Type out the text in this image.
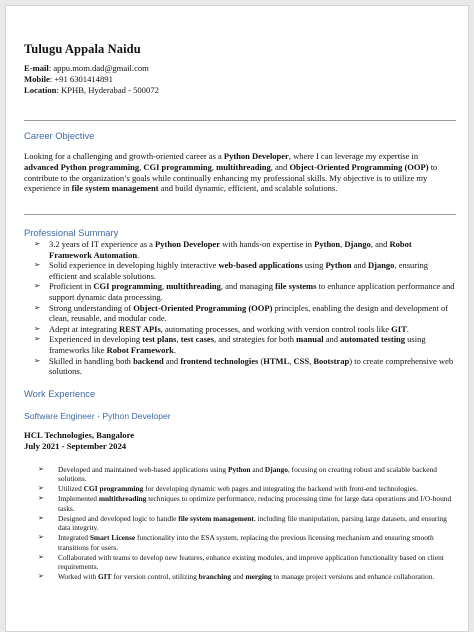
Tulugu Appala Naidu
E-mail: appu.mom.dad@gmail.com
Mobile: +91 6301414891
Location: KPHB, Hyderabad - 500072
Career Objective
Looking for a challenging and growth-oriented career as a Python Developer, where I can leverage my expertise in advanced Python programming, CGI programming, multithreading, and Object-Oriented Programming (OOP) to contribute to the organization’s goals while continually enhancing my professional skills. My objective is to utilize my experience in file system management and build dynamic, efficient, and scalable solutions.
Professional Summary
➢ 3.2 years of IT experience as a Python Developer with hands-on expertise in Python, Django, and Robot Framework Automation.
➢ Solid experience in developing highly interactive web-based applications using Python and Django, ensuring efficient and scalable solutions.
➢ Proficient in CGI programming, multithreading, and managing file systems to enhance application performance and support dynamic data processing.
➢ Strong understanding of Object-Oriented Programming (OOP) principles, enabling the design and development of clean, reusable, and modular code.
➢ Adept at integrating REST APIs, automating processes, and working with version control tools like GIT.
➢ Experienced in developing test plans, test cases, and strategies for both manual and automated testing using frameworks like Robot Framework.
➢ Skilled in handling both backend and frontend technologies (HTML, CSS, Bootstrap) to create comprehensive web solutions.
Work Experience
Software Engineer - Python Developer
HCL Technologies, Bangalore
July 2021 - September 2024
➢ Developed and maintained web-based applications using Python and Django, focusing on creating robust and scalable backend solutions.
➢ Utilized CGI programming for developing dynamic web pages and integrating the backend with front-end technologies.
➢ Implemented multithreading techniques to optimize performance, reducing processing time for large data operations and I/O-bound tasks.
➢ Designed and developed logic to handle file system management, including file manipulation, parsing large datasets, and ensuring data integrity.
➢ Integrated Smart License functionality into the ESA system, replacing the previous licensing mechanism and ensuring smooth transitions for users.
➢ Collaborated with teams to develop new features, enhance existing modules, and improve application functionality based on client requirements.
➢ Worked with GIT for version control, utilizing branching and merging to manage project versions and enhance collaboration.
